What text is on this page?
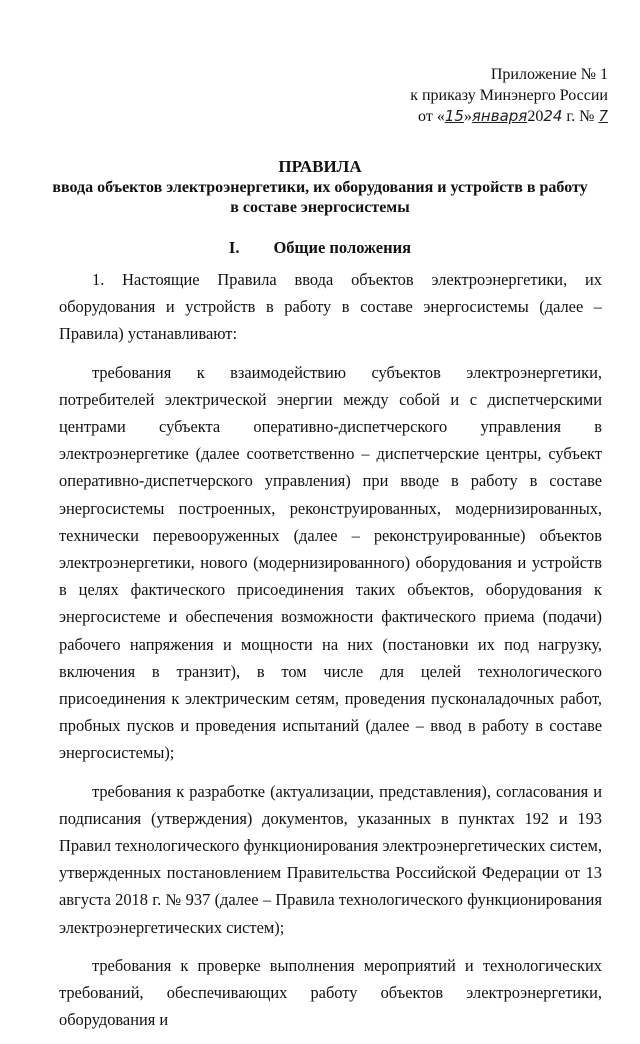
Приложение № 1
к приказу Минэнерго России
от «15»января2024 г. № 7
ПРАВИЛА
ввода объектов электроэнергетики, их оборудования и устройств в работу
в составе энергосистемы
I. Общие положения

1. Настоящие Правила ввода объектов электроэнергетики, их оборудования и устройств в работу в составе энергосистемы (далее – Правила) устанавливают:

требования к взаимодействию субъектов электроэнергетики, потребителей электрической энергии между собой и с диспетчерскими центрами субъекта оперативно-диспетчерского управления в электроэнергетике (далее соответственно – диспетчерские центры, субъект оперативно-диспетчерского управления) при вводе в работу в составе энергосистемы построенных, реконструированных, модернизированных, технически перевооруженных (далее – реконструированные) объектов электроэнергетики, нового (модернизированного) оборудования и устройств в целях фактического присоединения таких объектов, оборудования к энергосистеме и обеспечения возможности фактического приема (подачи) рабочего напряжения и мощности на них (постановки их под нагрузку, включения в транзит), в том числе для целей технологического присоединения к электрическим сетям, проведения пусконаладочных работ, пробных пусков и проведения испытаний (далее – ввод в работу в составе энергосистемы);

требования к разработке (актуализации, представления), согласования и подписания (утверждения) документов, указанных в пунктах 192 и 193 Правил технологического функционирования электроэнергетических систем, утвержденных постановлением Правительства Российской Федерации от 13 августа 2018 г. № 937 (далее – Правила технологического функционирования электроэнергетических систем);

требования к проверке выполнения мероприятий и технологических требований, обеспечивающих работу объектов электроэнергетики, оборудования и
